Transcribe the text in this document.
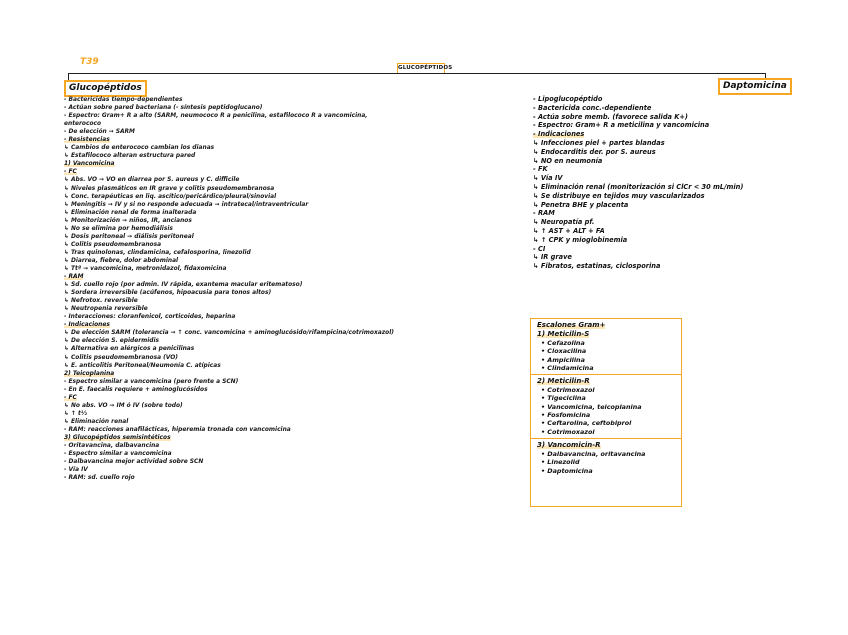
T39
GLUCOPÉPTIDOS
Glucopéptidos	Daptomicina
- Bactericidas tiempo-dependientes
- Actúan sobre pared bacteriana (- síntesis peptidoglucano)
- Espectro: Gram+ R a alto (SARM, neumococo R a penicilina, estafilococo R a vancomicina,
enterococo
- De elección → SARM
- Resistencias
↳ Cambios de enterococo cambian los dianas
↳ Estafilococo alteran estructura pared
1) Vancomicina
- FC
↳ Abs. VO → VO en diarrea por S. aureus y C. difficile
↳ Niveles plasmáticos en IR grave y colitis pseudomembranosa
↳ Conc. terapéuticas en liq. ascítico/pericárdico/pleural/sinovial
↳ Meningitis → IV y si no responde adecuada → intratecal/intraventricular
↳ Eliminación renal de forma inalterada
↳ Monitorización → niños, IR, ancianos
↳ No se elimina por hemodiálisis
↳ Dosis peritoneal → diálisis peritoneal
↳ Colitis pseudomembranosa
↳ Tras quinolonas, clindamicina, cefalosporina, linezolid
↳ Diarrea, fiebre, dolor abdominal
↳ Ttº → vancomicina, metronidazol, fidaxomicina
- RAM
↳ Sd. cuello rojo (por admin. IV rápida, exantema macular eritematoso)
↳ Sordera irreversible (acúfenos, hipoacusia para tonos altos)
↳ Nefrotox. reversible
↳ Neutropenia reversible
- Interacciones: cloranfenicol, corticoides, heparina
- Indicaciones
↳ De elección SARM (tolerancia → ↑ conc. vancomicina + aminoglucósido/rifampicina/cotrimoxazol)
↳ De elección S. epidermidis
↳ Alternativa en alérgicos a penicilinas
↳ Colitis pseudomembranosa (VO)
↳ E. anticolitis Peritoneal/Neumonía C. atípicas
2) Teicoplanina
- Espectro similar a vancomicina (pero frente a SCN)
- En E. faecalis requiere + aminoglucósidos
- FC
↳ No abs. VO → IM ó IV (sobre todo)
↳ ↑ t½
↳ Eliminación renal
- RAM: reacciones anafilácticas, hiperemia tronada con vancomicina
3) Glucopéptidos semisintéticos
- Oritavancina, dalbavancina
- Espectro similar a vancomicina
- Dalbavancina mejor actividad sobre SCN
- Vía IV
- RAM: sd. cuello rojo
- Lipoglucopéptido
- Bactericida conc.-dependiente
- Actúa sobre memb. (favorece salida K+)
- Espectro: Gram+ R a meticilina y vancomicina
- Indicaciones
↳ Infecciones piel + partes blandas
↳ Endocarditis der. por S. aureus
↳ NO en neumonía
- FK
↳ Vía IV
↳ Eliminación renal (monitorización si ClCr < 30 mL/min)
↳ Se distribuye en tejidos muy vascularizados
↳ Penetra BHE y placenta
- RAM
↳ Neuropatía pf.
↳ ↑ AST + ALT + FA
↳ ↑ CPK y mioglobinemia
- CI
↳ IR grave
↳ Fibratos, estatinas, ciclosporina
Escalones Gram+
1) Meticilin-S
• Cefazolina
• Cloxacilina
• Ampicilina
• Clindamicina
2) Meticilin-R
• Cotrimoxazol
• Tigeciclina
• Vancomicina, teicoplanina
• Fosfomicina
• Ceftarolina, ceftobiprol
• Cotrimoxazol
3) Vancomicin-R
• Dalbavancina, oritavancina
• Linezolid
• Daptomicina
